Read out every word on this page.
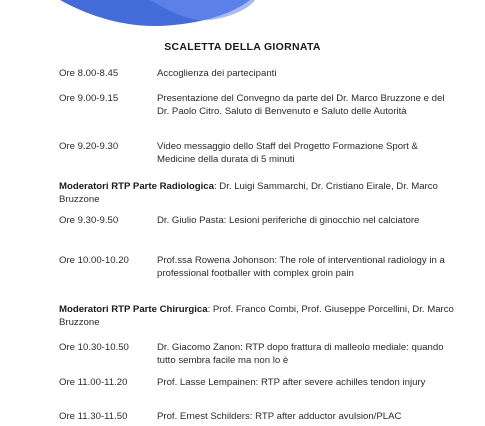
SCALETTA DELLA GIORNATA
Ore 8.00-8.45	Accoglienza dei partecipanti
Ore 9.00-9.15	Presentazione del Convegno da parte del Dr. Marco Bruzzone e del Dr. Paolo Citro. Saluto di Benvenuto e Saluto delle Autorità
Ore 9.20-9.30	Video messaggio dello Staff del Progetto Formazione Sport & Medicine della durata di 5 minuti
Moderatori RTP Parte Radiologica: Dr. Luigi Sammarchi, Dr. Cristiano Eirale, Dr. Marco Bruzzone
Ore 9.30-9.50	Dr. Giulio Pasta: Lesioni periferiche di ginocchio nel calciatore
Ore 10.00-10.20	Prof.ssa Rowena Johonson: The role of interventional radiology in a professional footballer with complex groin pain
Moderatori RTP Parte Chirurgica: Prof. Franco Combi, Prof. Giuseppe Porcellini, Dr. Marco Bruzzone
Ore 10.30-10.50	Dr. Giacomo Zanon: RTP dopo frattura di malleolo mediale: quando tutto sembra facile ma non lo è
Ore 11.00-11.20	Prof. Lasse Lempainen: RTP after severe achilles tendon injury
Ore 11.30-11.50	Prof. Ernest Schilders: RTP after adductor avulsion/PLAC
